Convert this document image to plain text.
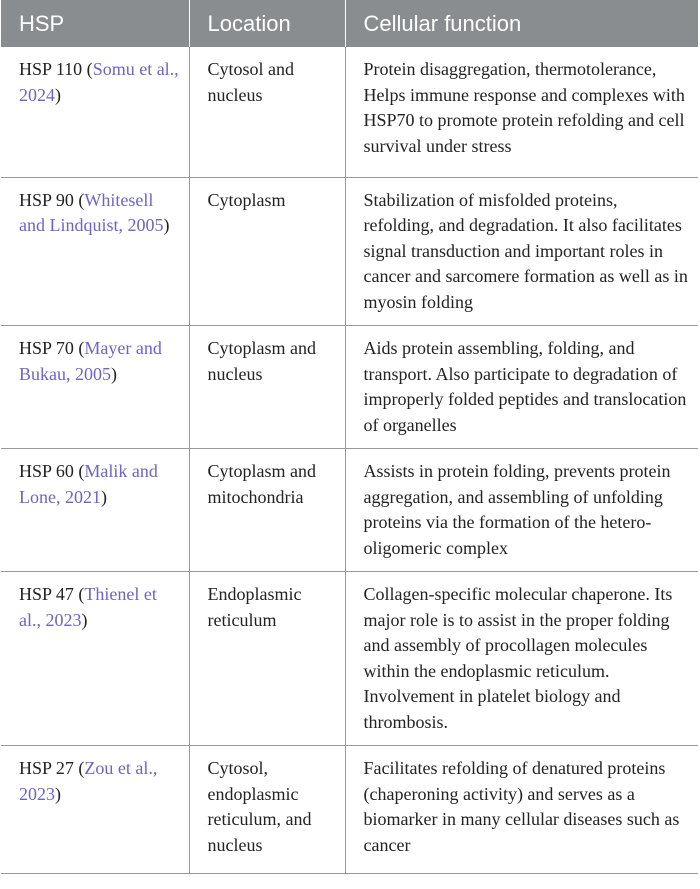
HSP	Location	Cellular function
HSP 110 (Somu et al., 2024)	Cytosol and nucleus	Protein disaggregation, thermotolerance, Helps immune response and complexes with HSP70 to promote protein refolding and cell survival under stress
HSP 90 (Whitesell and Lindquist, 2005)	Cytoplasm	Stabilization of misfolded proteins, refolding, and degradation. It also facilitates signal transduction and important roles in cancer and sarcomere formation as well as in myosin folding
HSP 70 (Mayer and Bukau, 2005)	Cytoplasm and nucleus	Aids protein assembling, folding, and transport. Also participate to degradation of improperly folded peptides and translocation of organelles
HSP 60 (Malik and Lone, 2021)	Cytoplasm and mitochondria	Assists in protein folding, prevents protein aggregation, and assembling of unfolding proteins via the formation of the hetero-oligomeric complex
HSP 47 (Thienel et al., 2023)	Endoplasmic reticulum	Collagen-specific molecular chaperone. Its major role is to assist in the proper folding and assembly of procollagen molecules within the endoplasmic reticulum. Involvement in platelet biology and thrombosis.
HSP 27 (Zou et al., 2023)	Cytosol, endoplasmic reticulum, and nucleus	Facilitates refolding of denatured proteins (chaperoning activity) and serves as a biomarker in many cellular diseases such as cancer
